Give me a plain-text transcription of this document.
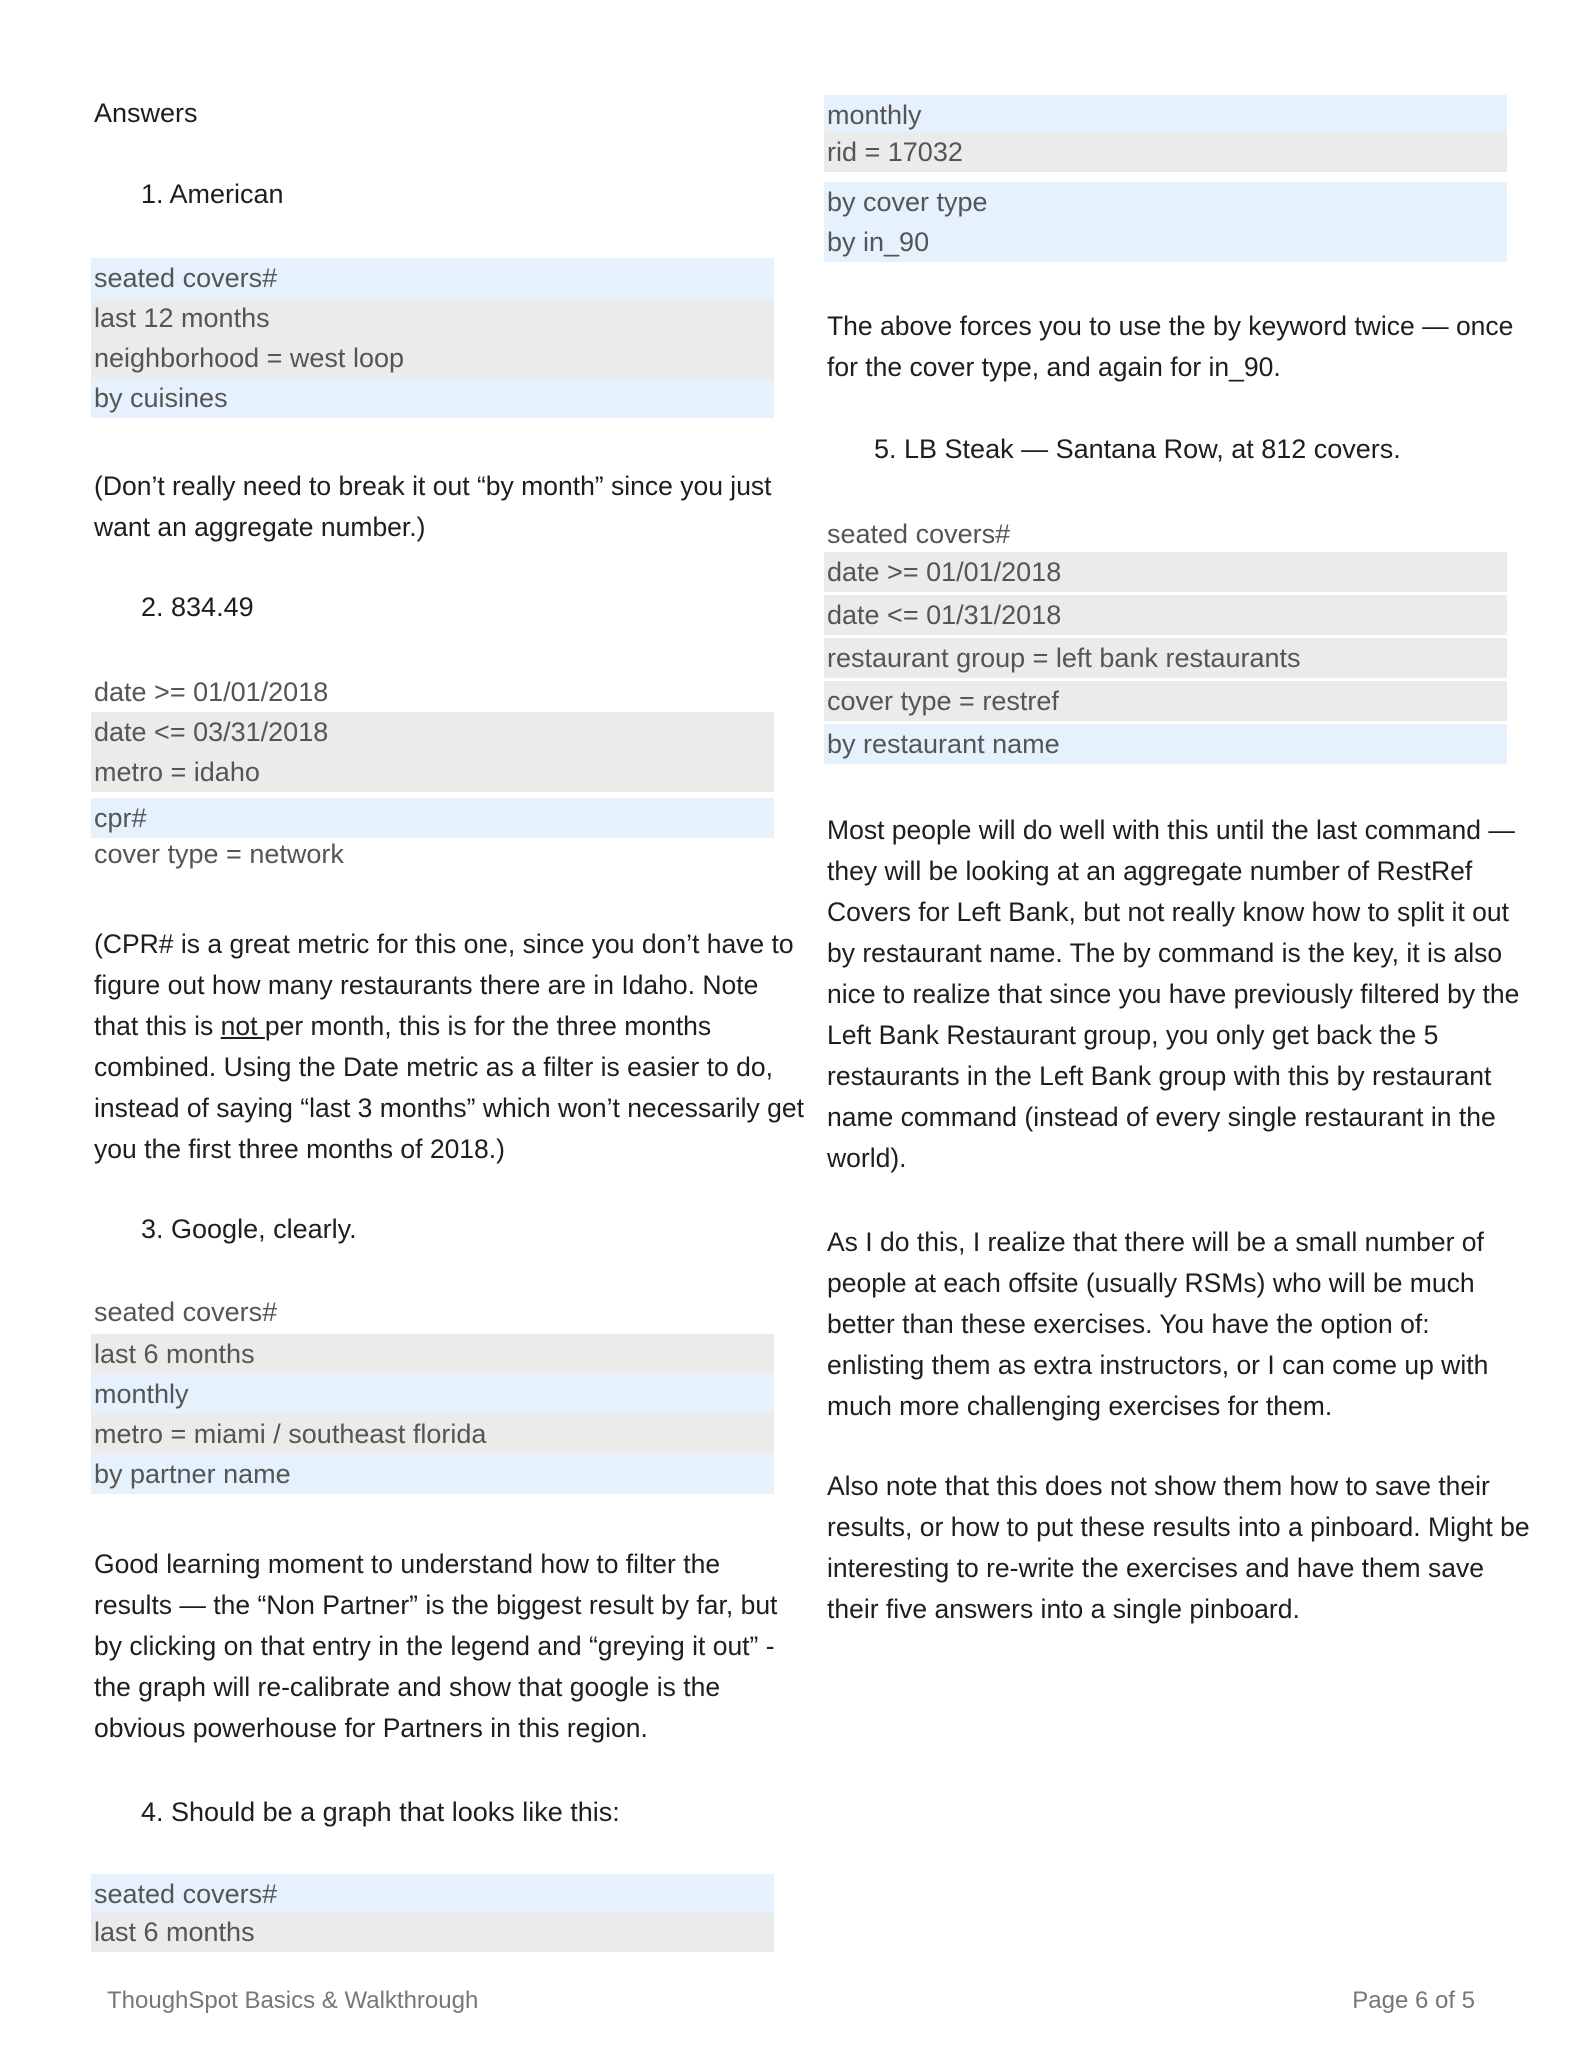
Answers
1. American
seated covers#
last 12 months
neighborhood = west loop
by cuisines
(Don’t really need to break it out “by month” since you just
want an aggregate number.)
2. 834.49
date >= 01/01/2018
date <= 03/31/2018
metro = idaho
cpr#
cover type = network
(CPR# is a great metric for this one, since you don’t have to
figure out how many restaurants there are in Idaho. Note
that this is not per month, this is for the three months
combined. Using the Date metric as a filter is easier to do,
instead of saying “last 3 months” which won’t necessarily get
you the first three months of 2018.)
3. Google, clearly.
seated covers#
last 6 months
monthly
metro = miami / southeast florida
by partner name
Good learning moment to understand how to filter the
results — the “Non Partner” is the biggest result by far, but
by clicking on that entry in the legend and “greying it out” -
the graph will re-calibrate and show that google is the
obvious powerhouse for Partners in this region.
4. Should be a graph that looks like this:
seated covers#
last 6 months
monthly
rid = 17032
by cover type
by in_90
The above forces you to use the by keyword twice — once
for the cover type, and again for in_90.
5. LB Steak — Santana Row, at 812 covers.
seated covers#
date >= 01/01/2018
date <= 01/31/2018
restaurant group = left bank restaurants
cover type = restref
by restaurant name
Most people will do well with this until the last command —
they will be looking at an aggregate number of RestRef
Covers for Left Bank, but not really know how to split it out
by restaurant name. The by command is the key, it is also
nice to realize that since you have previously filtered by the
Left Bank Restaurant group, you only get back the 5
restaurants in the Left Bank group with this by restaurant
name command (instead of every single restaurant in the
world).
As I do this, I realize that there will be a small number of
people at each offsite (usually RSMs) who will be much
better than these exercises. You have the option of:
enlisting them as extra instructors, or I can come up with
much more challenging exercises for them.
Also note that this does not show them how to save their
results, or how to put these results into a pinboard. Might be
interesting to re-write the exercises and have them save
their five answers into a single pinboard.
ThoughSpot Basics & Walkthrough	Page 6 of 5
